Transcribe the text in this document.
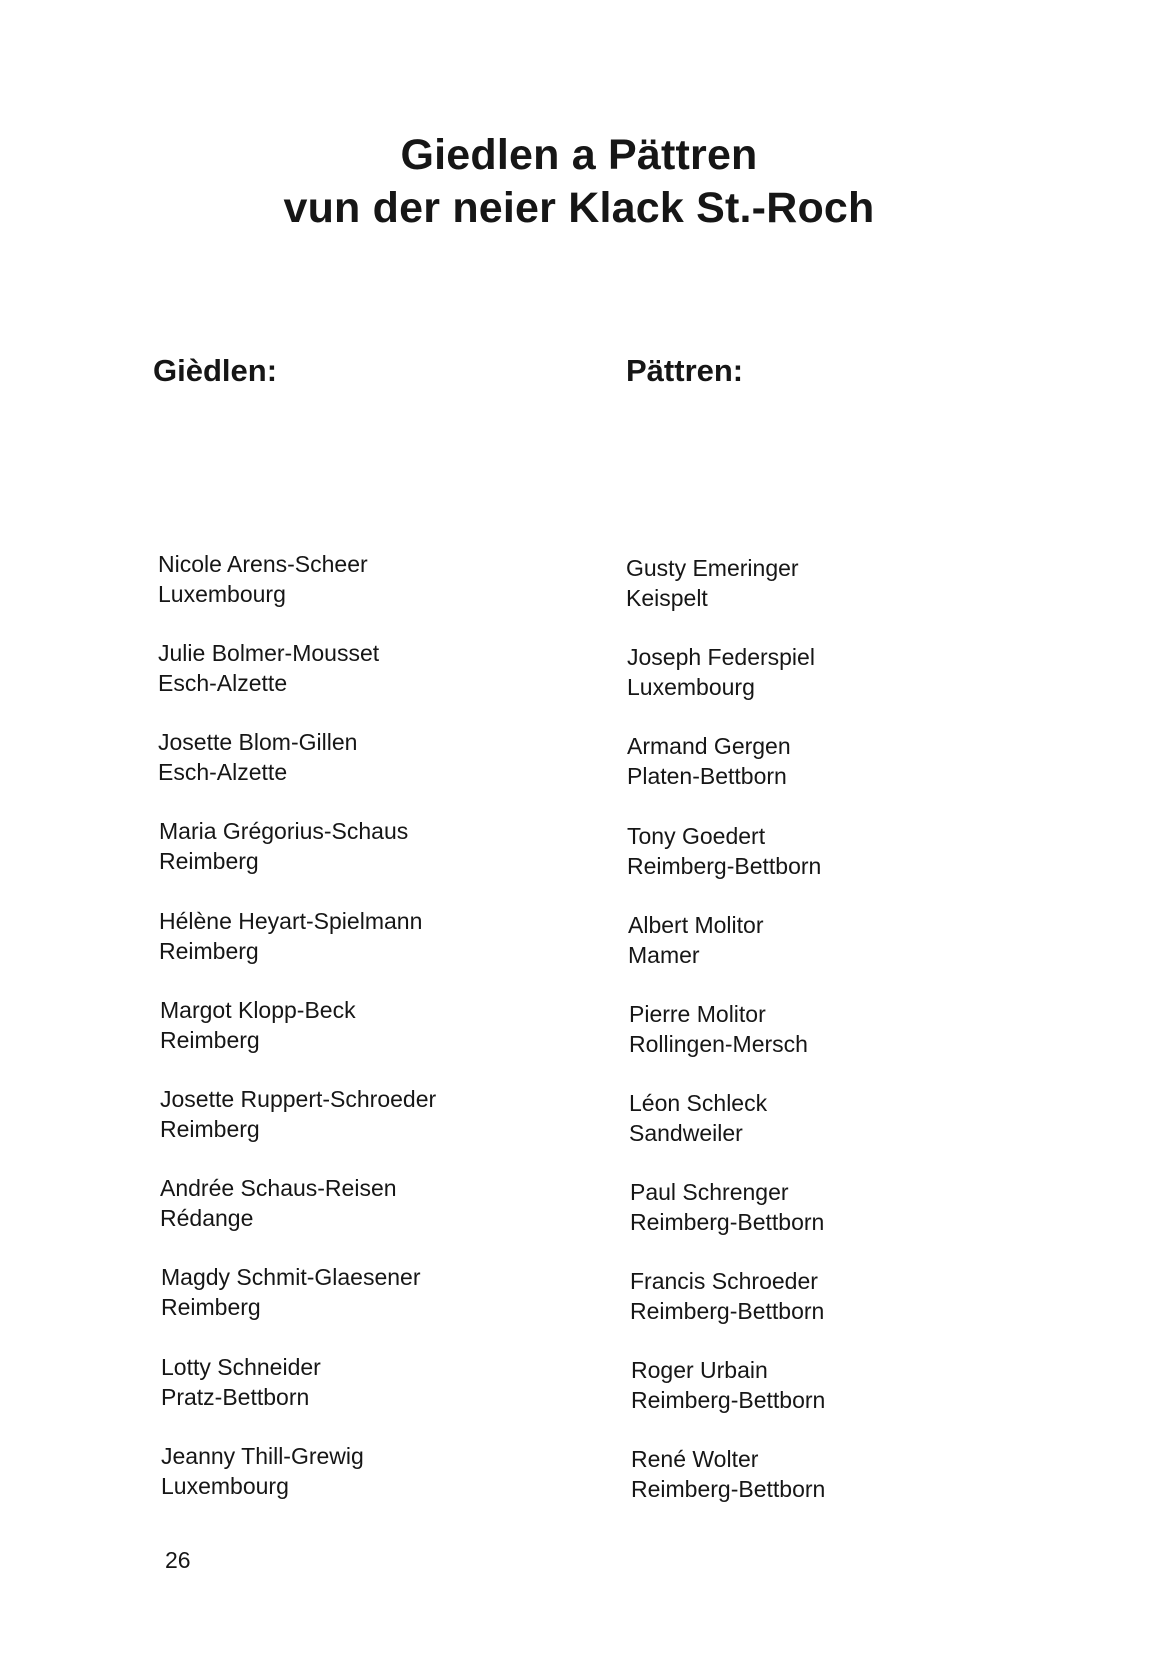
Giedlen a Pättren
vun der neier Klack St.-Roch
Gièdlen:	Pättren:
Nicole Arens-Scheer
Luxembourg
Julie Bolmer-Mousset
Esch-Alzette
Josette Blom-Gillen
Esch-Alzette
Maria Grégorius-Schaus
Reimberg
Hélène Heyart-Spielmann
Reimberg
Margot Klopp-Beck
Reimberg
Josette Ruppert-Schroeder
Reimberg
Andrée Schaus-Reisen
Rédange
Magdy Schmit-Glaesener
Reimberg
Lotty Schneider
Pratz-Bettborn
Jeanny Thill-Grewig
Luxembourg
Gusty Emeringer
Keispelt
Joseph Federspiel
Luxembourg
Armand Gergen
Platen-Bettborn
Tony Goedert
Reimberg-Bettborn
Albert Molitor
Mamer
Pierre Molitor
Rollingen-Mersch
Léon Schleck
Sandweiler
Paul Schrenger
Reimberg-Bettborn
Francis Schroeder
Reimberg-Bettborn
Roger Urbain
Reimberg-Bettborn
René Wolter
Reimberg-Bettborn
26
